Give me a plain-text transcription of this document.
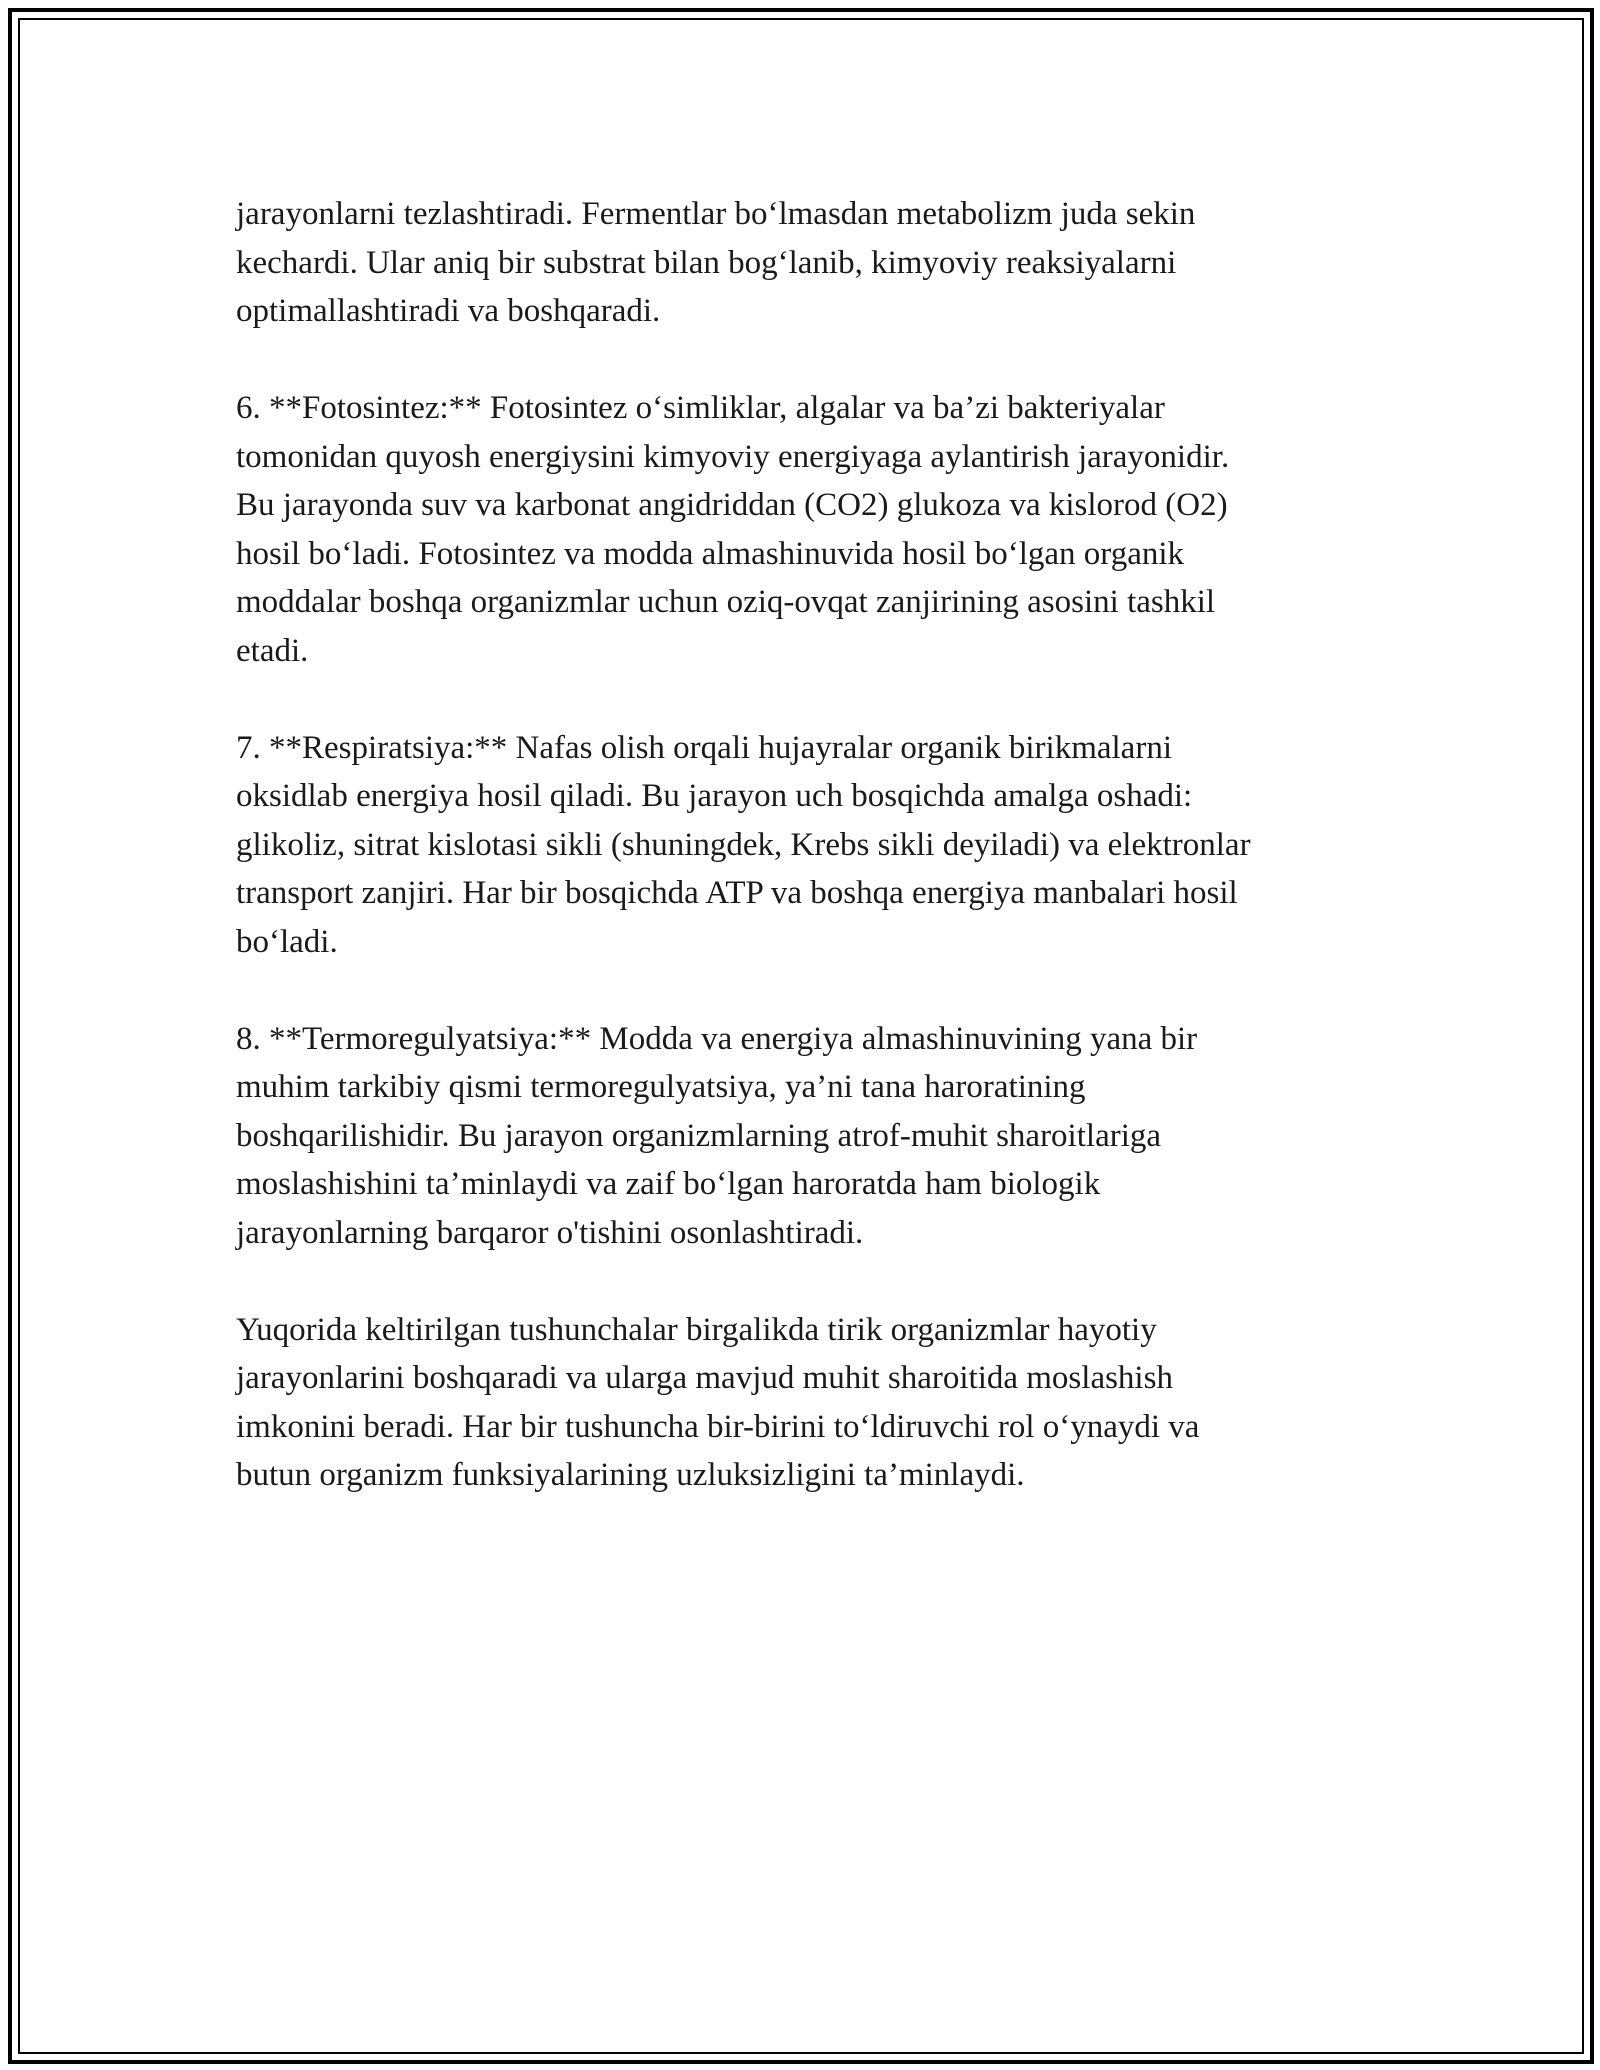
jarayonlarni tezlashtiradi. Fermentlar bo‘lmasdan metabolizm juda sekin
kechardi. Ular aniq bir substrat bilan bog‘lanib, kimyoviy reaksiyalarni
optimallashtiradi va boshqaradi.

6. **Fotosintez:** Fotosintez o‘simliklar, algalar va ba’zi bakteriyalar
tomonidan quyosh energiysini kimyoviy energiyaga aylantirish jarayonidir.
Bu jarayonda suv va karbonat angidriddan (CO2) glukoza va kislorod (O2)
hosil bo‘ladi. Fotosintez va modda almashinuvida hosil bo‘lgan organik
moddalar boshqa organizmlar uchun oziq-ovqat zanjirining asosini tashkil
etadi.

7. **Respiratsiya:** Nafas olish orqali hujayralar organik birikmalarni
oksidlab energiya hosil qiladi. Bu jarayon uch bosqichda amalga oshadi:
glikoliz, sitrat kislotasi sikli (shuningdek, Krebs sikli deyiladi) va elektronlar
transport zanjiri. Har bir bosqichda ATP va boshqa energiya manbalari hosil
bo‘ladi.

8. **Termoregulyatsiya:** Modda va energiya almashinuvining yana bir
muhim tarkibiy qismi termoregulyatsiya, ya’ni tana haroratining
boshqarilishidir. Bu jarayon organizmlarning atrof-muhit sharoitlariga
moslashishini ta’minlaydi va zaif bo‘lgan haroratda ham biologik
jarayonlarning barqaror o'tishini osonlashtiradi.

Yuqorida keltirilgan tushunchalar birgalikda tirik organizmlar hayotiy
jarayonlarini boshqaradi va ularga mavjud muhit sharoitida moslashish
imkonini beradi. Har bir tushuncha bir-birini to‘ldiruvchi rol o‘ynaydi va
butun organizm funksiyalarining uzluksizligini ta’minlaydi.
